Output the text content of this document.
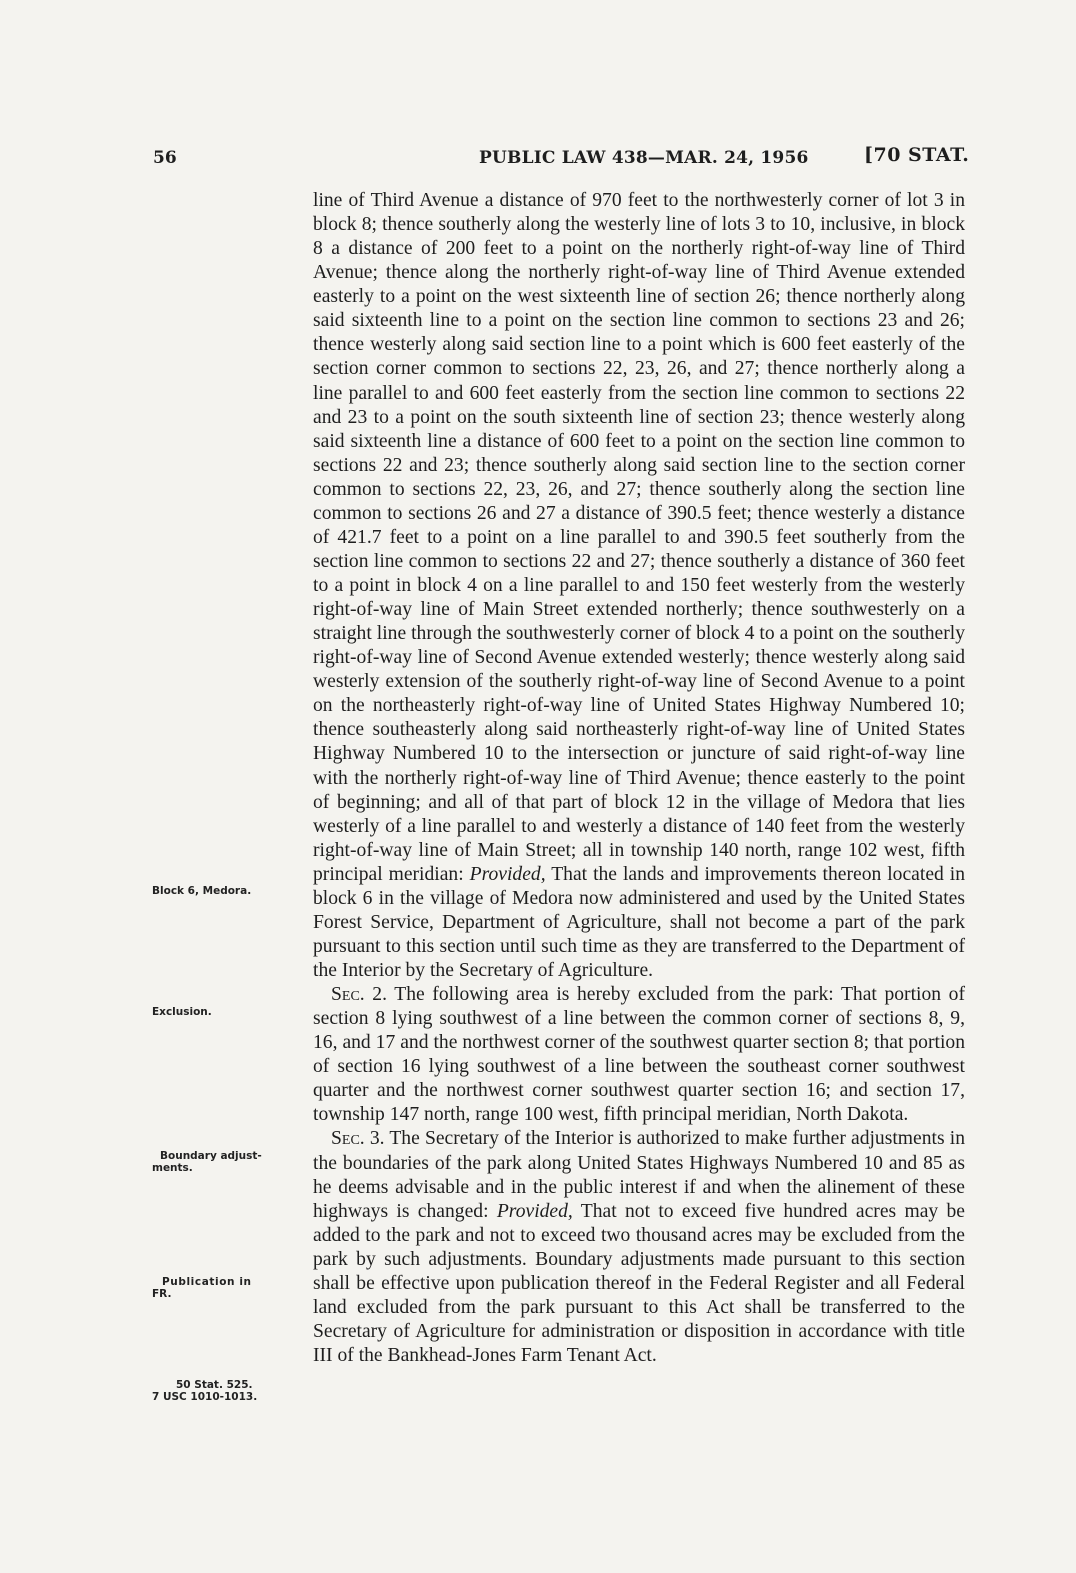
56	PUBLIC LAW 438—MAR. 24, 1956	[70 STAT.

line of Third Avenue a distance of 970 feet to the northwesterly corner of lot 3 in block 8; thence southerly along the westerly line of lots 3 to 10, inclusive, in block 8 a distance of 200 feet to a point on the northerly right-of-way line of Third Avenue; thence along the northerly right-of-way line of Third Avenue extended easterly to a point on the west sixteenth line of section 26; thence northerly along said sixteenth line to a point on the section line common to sections 23 and 26; thence westerly along said section line to a point which is 600 feet easterly of the section corner common to sections 22, 23, 26, and 27; thence northerly along a line parallel to and 600 feet easterly from the section line common to sections 22 and 23 to a point on the south sixteenth line of section 23; thence westerly along said sixteenth line a distance of 600 feet to a point on the section line common to sections 22 and 23; thence southerly along said section line to the section corner common to sections 22, 23, 26, and 27; thence southerly along the section line common to sections 26 and 27 a distance of 390.5 feet; thence westerly a distance of 421.7 feet to a point on a line parallel to and 390.5 feet southerly from the section line common to sections 22 and 27; thence southerly a distance of 360 feet to a point in block 4 on a line parallel to and 150 feet westerly from the westerly right-of-way line of Main Street extended northerly; thence southwesterly on a straight line through the southwesterly corner of block 4 to a point on the southerly right-of-way line of Second Avenue extended westerly; thence westerly along said westerly extension of the southerly right-of-way line of Second Avenue to a point on the northeasterly right-of-way line of United States Highway Numbered 10; thence southeasterly along said northeasterly right-of-way line of United States Highway Numbered 10 to the intersection or juncture of said right-of-way line with the northerly right-of-way line of Third Avenue; thence easterly to the point of beginning; and all of that part of block 12 in the village of Medora that lies westerly of a line parallel to and westerly a distance of 140 feet from the westerly right-of-way line of Main Street; all in township 140 north, range 102 west, fifth principal meridian: Provided, That the lands and improvements thereon located in block 6 in the village of Medora now administered and used by the United States Forest Service, Department of Agriculture, shall not become a part of the park pursuant to this section until such time as they are transferred to the Department of the Interior by the Secretary of Agriculture.

Sec. 2. The following area is hereby excluded from the park: That portion of section 8 lying southwest of a line between the common corner of sections 8, 9, 16, and 17 and the northwest corner of the southwest quarter section 8; that portion of section 16 lying southwest of a line between the southeast corner southwest quarter and the northwest corner southwest quarter section 16; and section 17, township 147 north, range 100 west, fifth principal meridian, North Dakota.

Sec. 3. The Secretary of the Interior is authorized to make further adjustments in the boundaries of the park along United States Highways Numbered 10 and 85 as he deems advisable and in the public interest if and when the alinement of these highways is changed: Provided, That not to exceed five hundred acres may be added to the park and not to exceed two thousand acres may be excluded from the park by such adjustments. Boundary adjustments made pursuant to this section shall be effective upon publication thereof in the Federal Register and all Federal land excluded from the park pursuant to this Act shall be transferred to the Secretary of Agriculture for administration or disposition in accordance with title III of the Bankhead-Jones Farm Tenant Act.

Block 6, Medora.
Exclusion.
Boundary adjust-
ments.
Publication in
FR.
50 Stat. 525.
7 USC 1010-1013.
